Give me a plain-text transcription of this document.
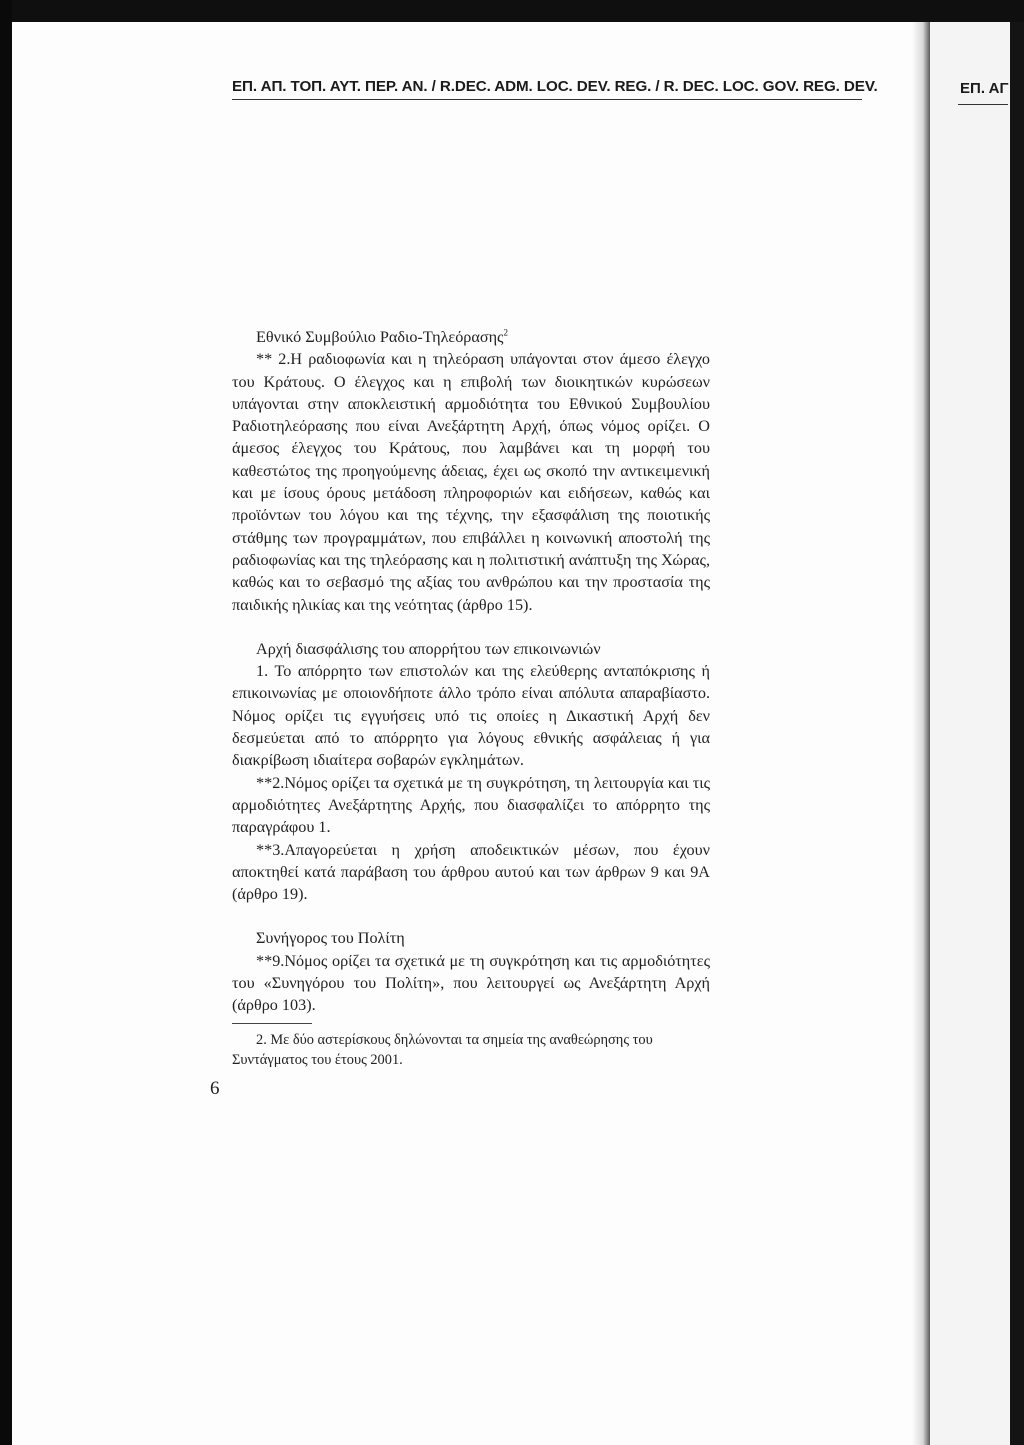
ΕΠ. ΑΠ. ΤΟΠ. ΑΥΤ. ΠΕΡ. ΑΝ. / R.DEC. ADM. LOC. DEV. REG. / R. DEC. LOC. GOV. REG. DEV.	ΕΠ. ΑΓ

Εθνικό Συμβούλιο Ραδιο-Τηλεόρασης$^2$

** 2.Η ραδιοφωνία και η τηλεόραση υπάγονται στον άμεσο έλεγχο του Κράτους. Ο έλεγχος και η επιβολή των διοικητικών κυρώσεων υπάγονται στην αποκλειστική αρμοδιότητα του Εθνικού Συμβουλίου Ραδιοτηλεόρασης που είναι Ανεξάρτητη Αρχή, όπως νόμος ορίζει. Ο άμεσος έλεγχος του Κράτους, που λαμβάνει και τη μορφή του καθεστώτος της προηγούμενης άδειας, έχει ως σκοπό την αντικειμενική και με ίσους όρους μετάδοση πληροφοριών και ειδήσεων, καθώς και προϊόντων του λόγου και της τέχνης, την εξασφάλιση της ποιοτικής στάθμης των προγραμμάτων, που επιβάλλει η κοινωνική αποστολή της ραδιοφωνίας και της τηλεόρασης και η πολιτιστική ανάπτυξη της Χώρας, καθώς και το σεβασμό της αξίας του ανθρώπου και την προστασία της παιδικής ηλικίας και της νεότητας (άρθρο 15).

Αρχή διασφάλισης του απορρήτου των επικοινωνιών

1. Το απόρρητο των επιστολών και της ελεύθερης ανταπόκρισης ή επικοινωνίας με οποιονδήποτε άλλο τρόπο είναι απόλυτα απαραβίαστο. Νόμος ορίζει τις εγγυήσεις υπό τις οποίες η Δικαστική Αρχή δεν δεσμεύεται από το απόρρητο για λόγους εθνικής ασφάλειας ή για διακρίβωση ιδιαίτερα σοβαρών εγκλημάτων.

**2.Νόμος ορίζει τα σχετικά με τη συγκρότηση, τη λειτουργία και τις αρμοδιότητες Ανεξάρτητης Αρχής, που διασφαλίζει το απόρρητο της παραγράφου 1.

**3.Απαγορεύεται η χρήση αποδεικτικών μέσων, που έχουν αποκτηθεί κατά παράβαση του άρθρου αυτού και των άρθρων 9 και 9Α (άρθρο 19).

Συνήγορος του Πολίτη

**9.Νόμος ορίζει τα σχετικά με τη συγκρότηση και τις αρμοδιότητες του «Συνηγόρου του Πολίτη», που λειτουργεί ως Ανεξάρτητη Αρχή (άρθρο 103).

2. Με δύο αστερίσκους δηλώνονται τα σημεία της αναθεώρησης του Συντάγματος του έτους 2001.
6
